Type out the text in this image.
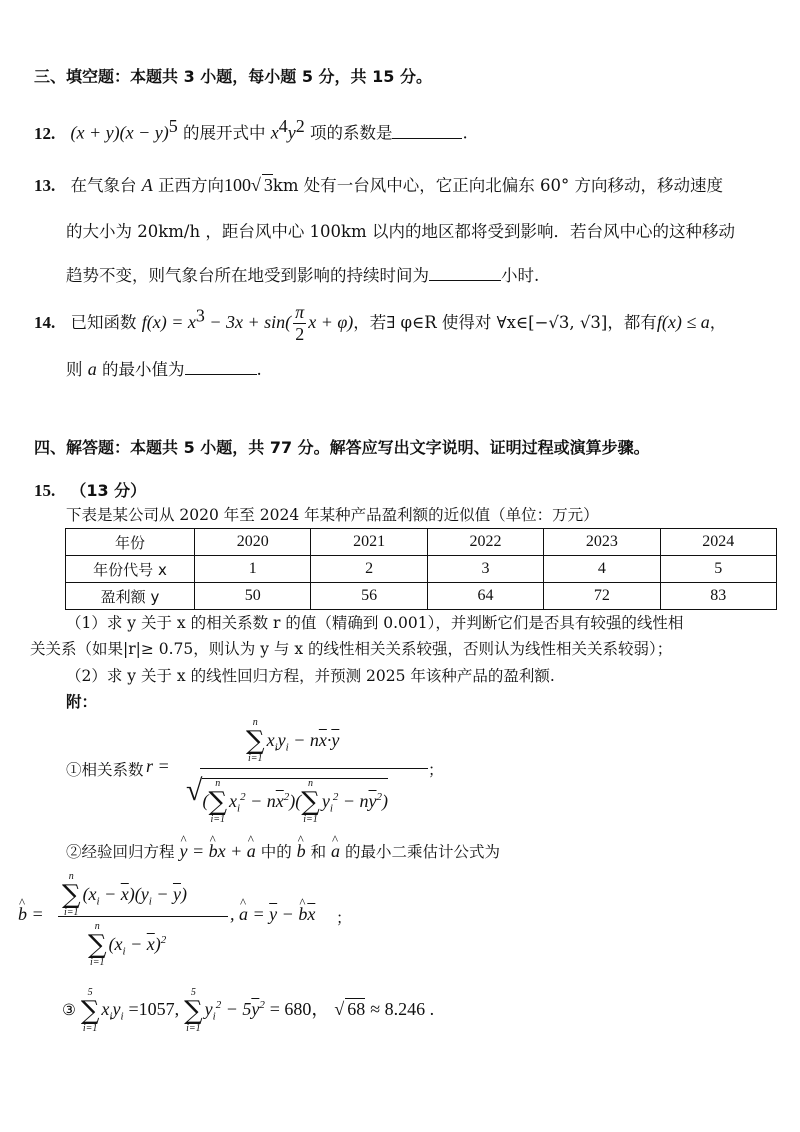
三、填空题：本题共 3 小题，每小题 5 分，共 15 分。
12. $(x + y)(x - y)^5$ 的展开式中 $x^4y^2$ 项的系数是	.
13. 在气象台 A 正西方向100√ 3km 处有一台风中心，它正向北偏东 60° 方向移动，移动速度
的大小为 20km/h ，距台风中心 100km 以内的地区都将受到影响．若台风中心的这种移动
趋势不变，则气象台所在地受到影响的持续时间为	小时.
14. 已知函数 $f(x) = x^3 - 3x + \sin( \frac{\pi}{2}$ x + φ)，若∃ φ∈R 使得对 ∀x∈[−√3, √3]，都有f(x) ≤ a，
则 a 的最小值为	.
四、解答题：本题共 5 小题，共 77 分。解答应写出文字说明、证明过程或演算步骤。
15. （13 分）
下表是某公司从 2020 年至 2024 年某种产品盈利额的近似值（单位：万元）
年份	2020	2021	2022	2023	2024
年份代号 x	1	2	3	4	5
盈利额 y	50	56	64	72	83
（1）求 y 关于 x 的相关系数 r 的值（精确到 0.001），并判断它们是否具有较强的线性相
关关系（如果|r|≥ 0.75，则认为 y 与 x 的线性相关关系较强，否则认为线性相关关系较弱）；
（2）求 y 关于 x 的线性回归方程，并预测 2025 年该种产品的盈利额.
附：
①相关系数 r =
n
∑
i=1
$x_iy_i - n\overline{x}\cdot\overline{y}$
√(
n
∑
i=1
$x_i^2 - n\overline{x}^2$)(
n
∑
i=1
$y_i^2 - n\overline{y}^2$)
；
②经验回归方程 ^ y = ^ bx + ^ a 中的 ^ b 和 ^ a 的最小二乘估计公式为
^ b =
n
∑
i=1
$(x_i - \overline{x})(y_i - \overline{y})$
n
∑
i=1
$(x_i - \overline{x})^2$
, ^ $a = \overline{y}$ − ^ $b\overline{x}$ ；
③
5
∑
i=1
$x_iy_i =1057$,
5
∑
i=1
$y_i^2 - 5\overline{y}^2 = 680$， √ 68 ≈ 8.246 .
